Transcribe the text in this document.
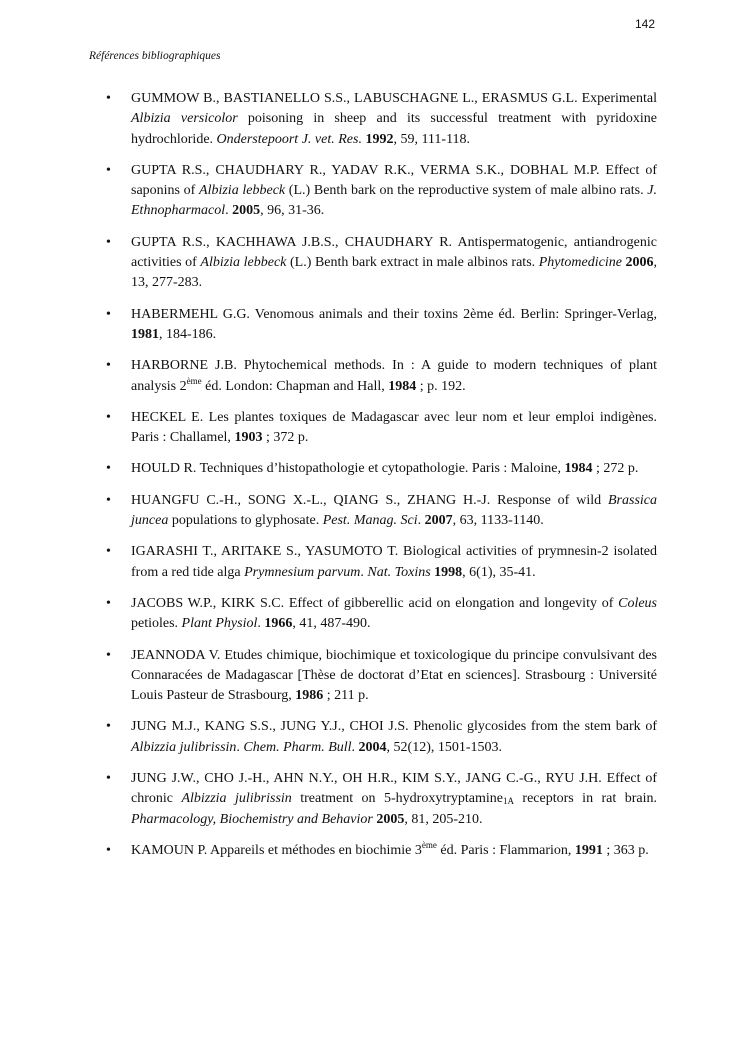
142
Références bibliographiques
• GUMMOW B., BASTIANELLO S.S., LABUSCHAGNE L., ERASMUS G.L. Experimental Albizia versicolor poisoning in sheep and its successful treatment with pyridoxine hydrochloride. Onderstepoort J. vet. Res. 1992, 59, 111-118.
• GUPTA R.S., CHAUDHARY R., YADAV R.K., VERMA S.K., DOBHAL M.P. Effect of saponins of Albizia lebbeck (L.) Benth bark on the reproductive system of male albino rats. J. Ethnopharmacol. 2005, 96, 31-36.
• GUPTA R.S., KACHHAWA J.B.S., CHAUDHARY R. Antispermatogenic, antiandrogenic activities of Albizia lebbeck (L.) Benth bark extract in male albinos rats. Phytomedicine 2006, 13, 277-283.
• HABERMEHL G.G. Venomous animals and their toxins 2ème éd. Berlin: Springer-Verlag, 1981, 184-186.
• HARBORNE J.B. Phytochemical methods. In : A guide to modern techniques of plant analysis 2ème éd. London: Chapman and Hall, 1984 ; p. 192.
• HECKEL E. Les plantes toxiques de Madagascar avec leur nom et leur emploi indigènes. Paris : Challamel, 1903 ; 372 p.
• HOULD R. Techniques d’histopathologie et cytopathologie. Paris : Maloine, 1984 ; 272 p.
• HUANGFU C.-H., SONG X.-L., QIANG S., ZHANG H.-J. Response of wild Brassica juncea populations to glyphosate. Pest. Manag. Sci. 2007, 63, 1133-1140.
• IGARASHI T., ARITAKE S., YASUMOTO T. Biological activities of prymnesin-2 isolated from a red tide alga Prymnesium parvum. Nat. Toxins 1998, 6(1), 35-41.
• JACOBS W.P., KIRK S.C. Effect of gibberellic acid on elongation and longevity of Coleus petioles. Plant Physiol. 1966, 41, 487-490.
• JEANNODA V. Etudes chimique, biochimique et toxicologique du principe convulsivant des Connaracées de Madagascar [Thèse de doctorat d’Etat en sciences]. Strasbourg : Université Louis Pasteur de Strasbourg, 1986 ; 211 p.
• JUNG M.J., KANG S.S., JUNG Y.J., CHOI J.S. Phenolic glycosides from the stem bark of Albizzia julibrissin. Chem. Pharm. Bull. 2004, 52(12), 1501-1503.
• JUNG J.W., CHO J.-H., AHN N.Y., OH H.R., KIM S.Y., JANG C.-G., RYU J.H. Effect of chronic Albizzia julibrissin treatment on 5-hydroxytryptamine$_{1A}$ receptors in rat brain. Pharmacology, Biochemistry and Behavior 2005, 81, 205-210.
• KAMOUN P. Appareils et méthodes en biochimie 3ème éd. Paris : Flammarion, 1991 ; 363 p.
